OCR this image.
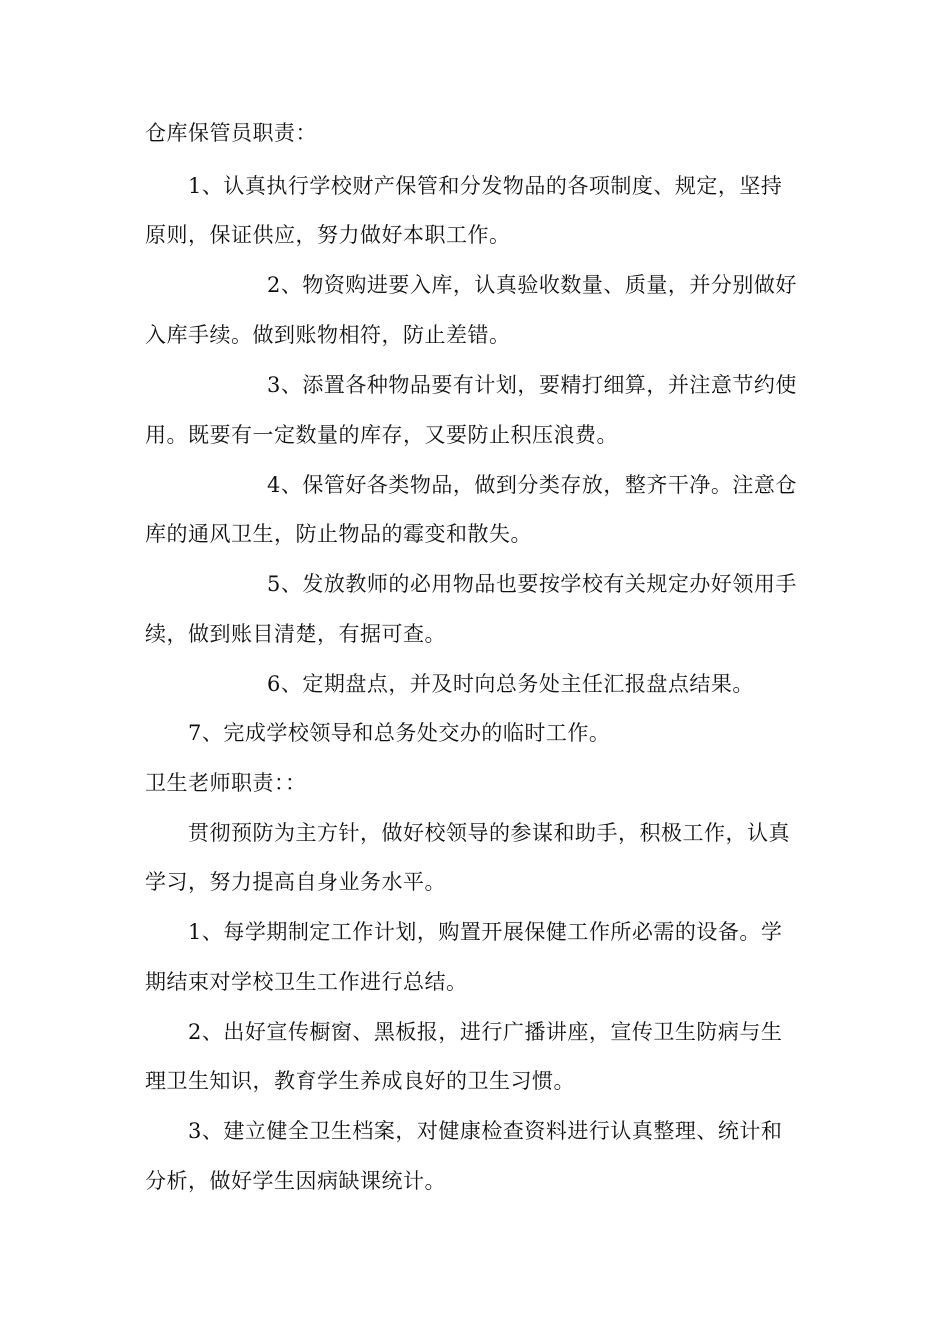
仓库保管员职责：
1、认真执行学校财产保管和分发物品的各项制度、规定，坚持
原则，保证供应，努力做好本职工作。
2、物资购进要入库，认真验收数量、质量，并分别做好
入库手续。做到账物相符，防止差错。
3、添置各种物品要有计划，要精打细算，并注意节约使
用。既要有一定数量的库存，又要防止积压浪费。
4、保管好各类物品，做到分类存放，整齐干净。注意仓
库的通风卫生，防止物品的霉变和散失。
5、发放教师的必用物品也要按学校有关规定办好领用手
续，做到账目清楚，有据可查。
6、定期盘点，并及时向总务处主任汇报盘点结果。
7、完成学校领导和总务处交办的临时工作。
卫生老师职责：：
贯彻预防为主方针，做好校领导的参谋和助手，积极工作，认真
学习，努力提高自身业务水平。
1、每学期制定工作计划，购置开展保健工作所必需的设备。学
期结束对学校卫生工作进行总结。
2、出好宣传橱窗、黑板报，进行广播讲座，宣传卫生防病与生
理卫生知识，教育学生养成良好的卫生习惯。
3、建立健全卫生档案，对健康检查资料进行认真整理、统计和
分析，做好学生因病缺课统计。
